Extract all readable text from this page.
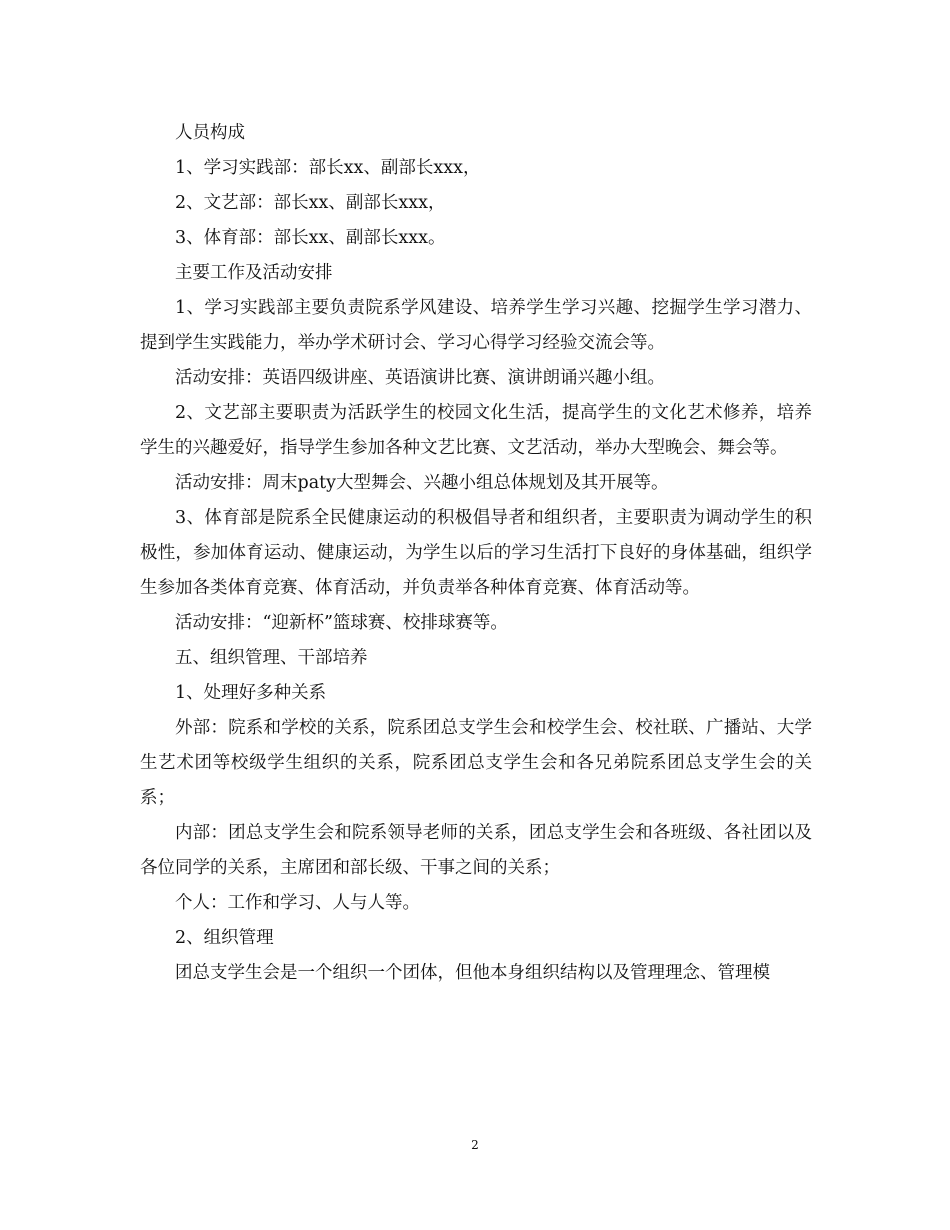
人员构成

1、学习实践部：部长xx、副部长xxx，

2、文艺部：部长xx、副部长xxx，

3、体育部：部长xx、副部长xxx。

主要工作及活动安排

1、学习实践部主要负责院系学风建设、培养学生学习兴趣、挖掘学生学习潜力、提到学生实践能力，举办学术研讨会、学习心得学习经验交流会等。

活动安排：英语四级讲座、英语演讲比赛、演讲朗诵兴趣小组。

2、文艺部主要职责为活跃学生的校园文化生活，提高学生的文化艺术修养，培养学生的兴趣爱好，指导学生参加各种文艺比赛、文艺活动，举办大型晚会、舞会等。

活动安排：周末paty大型舞会、兴趣小组总体规划及其开展等。

3、体育部是院系全民健康运动的积极倡导者和组织者，主要职责为调动学生的积极性，参加体育运动、健康运动，为学生以后的学习生活打下良好的身体基础，组织学生参加各类体育竞赛、体育活动，并负责举各种体育竞赛、体育活动等。

活动安排：“迎新杯”篮球赛、校排球赛等。

五、组织管理、干部培养

1、处理好多种关系

外部：院系和学校的关系，院系团总支学生会和校学生会、校社联、广播站、大学生艺术团等校级学生组织的关系，院系团总支学生会和各兄弟院系团总支学生会的关系；

内部：团总支学生会和院系领导老师的关系，团总支学生会和各班级、各社团以及各位同学的关系，主席团和部长级、干事之间的关系；

个人：工作和学习、人与人等。

2、组织管理

团总支学生会是一个组织一个团体，但他本身组织结构以及管理理念、管理模

2
